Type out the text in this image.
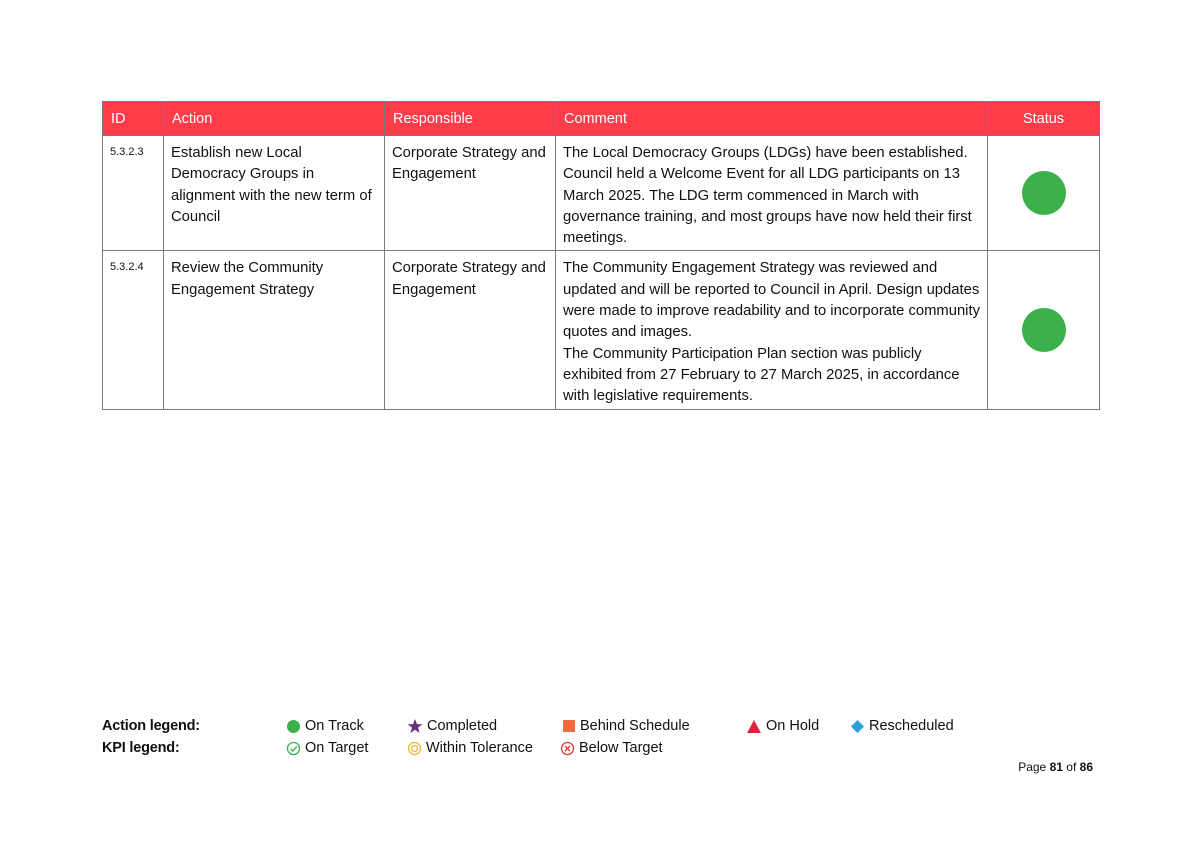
ID	Action	Responsible	Comment	Status
5.3.2.3	Establish new Local Democracy Groups in alignment with the new term of Council	Corporate Strategy and Engagement	The Local Democracy Groups (LDGs) have been established. Council held a Welcome Event for all LDG participants on 13 March 2025. The LDG term commenced in March with governance training, and most groups have now held their first meetings.	

5.3.2.4	Review the Community Engagement Strategy	Corporate Strategy and Engagement	The Community Engagement Strategy was reviewed and updated and will be reported to Council in April. Design updates were made to improve readability and to incorporate community quotes and images.
The Community Participation Plan section was publicly exhibited from 27 February to 27 March 2025, in accordance with legislative requirements.	

Action legend:
KPI legend:
On Track	Completed	Behind Schedule	On Hold	Rescheduled
On Target	Within Tolerance	Below Target
Page 81 of 86
